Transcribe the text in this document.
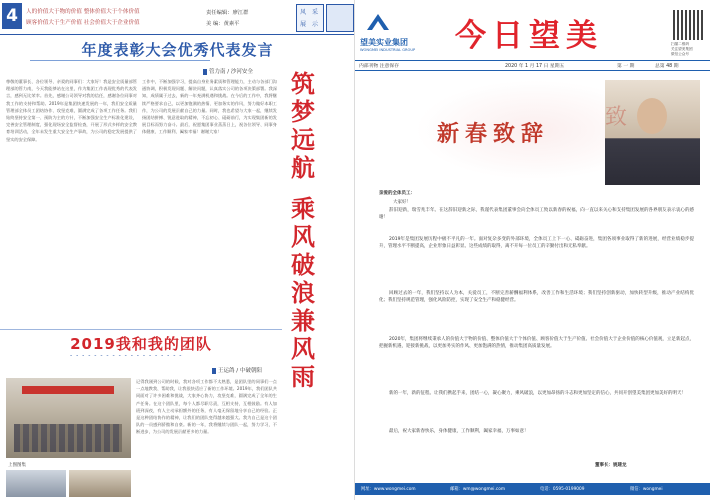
4	人的价值大于物的价值 整体价值大于个体价值
顾客价值大于生产价值 社会价值大于企业价值
责任编辑：廖江群
美 编：黄素平
风 采
展 示
年度表彰大会优秀代表发言
管力南 / 沙河安全
尊敬的董事长、各位领导、亲爱的同事们：大家好！我是安全质量部管理部的管力南，今天我能够站在这里，作为集团工作表现优秀的代表发言，感到无比荣幸。首先，感谢公司领导对我的信任，感谢各位同事对我工作的支持和帮助。2019年是集团快速发展的一年，我们安全质量管理部全体员工团结协作、攻坚克难，圆满完成了各项工作任务。我们始终坚持安全第一、预防为主的方针，不断加强安全生产标准化建设，完善安全管理制度，强化现场安全监督检查，开展了形式多样的安全教育培训活动，全年未发生重大安全生产事故，为公司的稳定发展提供了坚实的安全保障。
工作中，不断加强学习，提高自身业务素质和管理能力，主动与各部门沟通协调，积极发现问题、解决问题，认真落实公司的各项决策部署。我深知，成绩属于过去，新的一年充满机遇和挑战。在今后的工作中，我将继续严格要求自己，以更加饱满的热情、更加务实的作风，努力做好本职工作，为公司的发展贡献自己的力量。同时，我也希望与大家一起，继续发扬团结拼搏、锐意进取的精神，不忘初心、砥砺前行，为实现集团新的发展目标而努力奋斗。最后，祝愿集团事业蒸蒸日上，祝各位领导、同事身体健康、工作顺利、阖家幸福！谢谢大家！
2019我和我的团队
- - - - - - - - - - - - - - - - - - -
王运鸽 / 中破朝阳
上图图集
记得我刚到公司的时候，我对各项工作都不太熟悉，是团队里的同事们一点一点地教我、帮助我，让我很快适应了新的工作环境。2019年，我们团队共同面对了许多困难和挑战，大家齐心协力，攻坚克难，圆满完成了全年的生产任务。在这个团队里，每个人都尽职尽责，互相支持，互相鼓励。有人加班到深夜，有人主动承担额外的任务，有人毫无保留地分享自己的经验。正是这种团结协作的精神，让我们的团队变得越来越强大。我为自己是这个团队的一员感到骄傲和自豪。新的一年，我将继续与团队一起，努力学习，不断进步，为公司的发展贡献更多的力量。
筑梦远航
乘风破浪兼风雨
望美实业集团
WONGMEI INDUSTRIAL GROUP 今日望美	扫描二维码
关注望美集团
微信公众号
内部刊物 注意保存	2020 年 1 月 17 日 星期五	第 一 期	总第 48 期
新春致辞
致
亲爱的全体员工：
大家好！
辞旧迎新，瑞雪兆丰年。在这辞旧迎新之际，我谨代表集团董事会向全体员工致以新春的祝福，向一直以来关心和支持集团发展的各界朋友表示衷心的感谢！
2019年是集团发展历程中极不平凡的一年。面对复杂多变的外部环境，全体员工上下一心、砥砺奋进，集团各项事业取得了新的进展，经营业绩稳步提升，管理水平不断提高，企业形象日益彰显。这些成绩的取得，离不开每一位员工的辛勤付出和无私奉献。
回顾过去的一年，我们坚持以人为本，关爱员工，不断完善薪酬福利体系，改善工作和生活环境；我们坚持创新驱动，加快转型升级，推动产业结构优化；我们坚持规范管理，强化风险防控，实现了安全生产和稳健经营。
2020年，集团将继续秉承人的价值大于物的价值、整体价值大于个体价值、顾客价值大于生产价值、社会价值大于企业价值的核心价值观，立足新起点，把握新机遇，迎接新挑战，以更加务实的作风、更加饱满的热情，推动集团高质量发展。
新的一年，新的征程。让我们携起手来，团结一心，凝心聚力，乘风破浪，以更加昂扬的斗志和更加坚定的信心，共同开创望美集团更加美好的明天！
最后，祝大家新春快乐，身体健康，工作顺利，阖家幸福，万事如意！
董事长：姚建龙
网址：www.wongmei.com	邮箱：wm@wongmei.com	电话：0595-0199009	微信：wongmei
